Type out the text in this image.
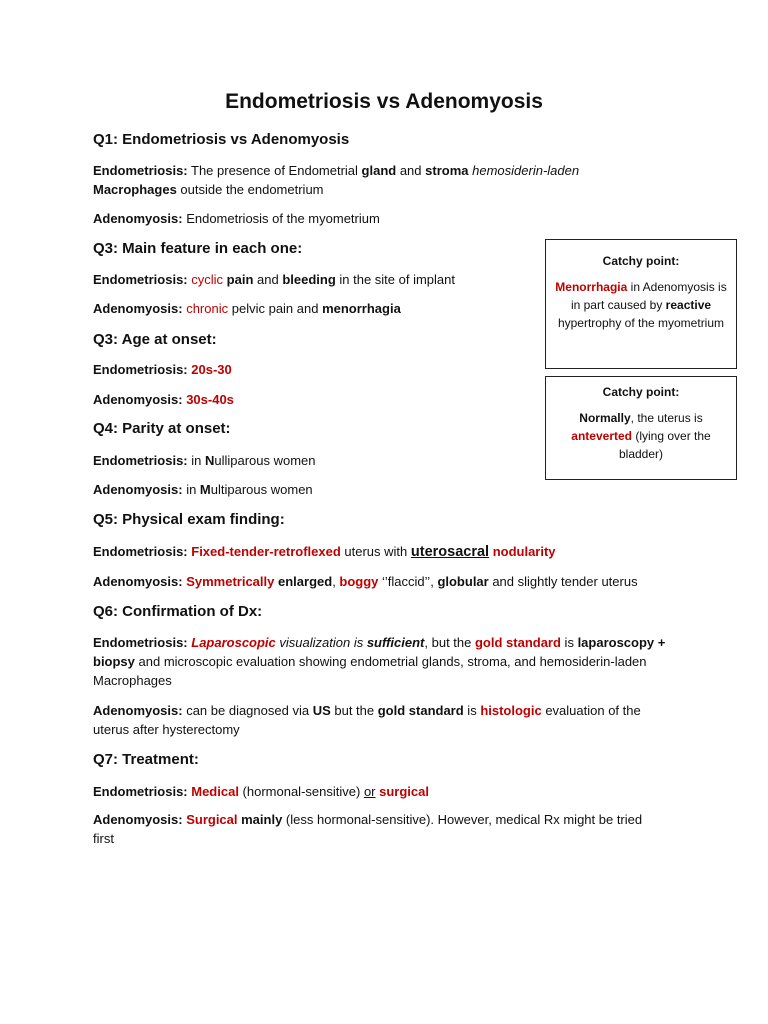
Endometriosis vs Adenomyosis
Q1: Endometriosis vs Adenomyosis
Endometriosis: The presence of Endometrial gland and stroma hemosiderin-laden Macrophages outside the endometrium
Adenomyosis: Endometriosis of the myometrium
Q3: Main feature in each one:
Endometriosis: cyclic pain and bleeding in the site of implant
Adenomyosis: chronic pelvic pain and menorrhagia
Q3: Age at onset:
Endometriosis: 20s-30
Adenomyosis: 30s-40s
Q4: Parity at onset:
Endometriosis: in Nulliparous women
Adenomyosis: in Multiparous women
Q5: Physical exam finding:
Endometriosis: Fixed-tender-retroflexed uterus with uterosacral nodularity
Adenomyosis: Symmetrically enlarged, boggy ‘’flaccid’’, globular and slightly tender uterus
Q6: Confirmation of Dx:
Endometriosis: Laparoscopic visualization is sufficient, but the gold standard is laparoscopy + biopsy and microscopic evaluation showing endometrial glands, stroma, and hemosiderin-laden Macrophages
Adenomyosis: can be diagnosed via US but the gold standard is histologic evaluation of the uterus after hysterectomy
Q7: Treatment:
Endometriosis: Medical (hormonal-sensitive) or surgical
Adenomyosis: Surgical mainly (less hormonal-sensitive). However, medical Rx might be tried first
Catchy point:
Menorrhagia in Adenomyosis is in part caused by reactive hypertrophy of the myometrium
Catchy point:
Normally, the uterus is anteverted (lying over the bladder)
